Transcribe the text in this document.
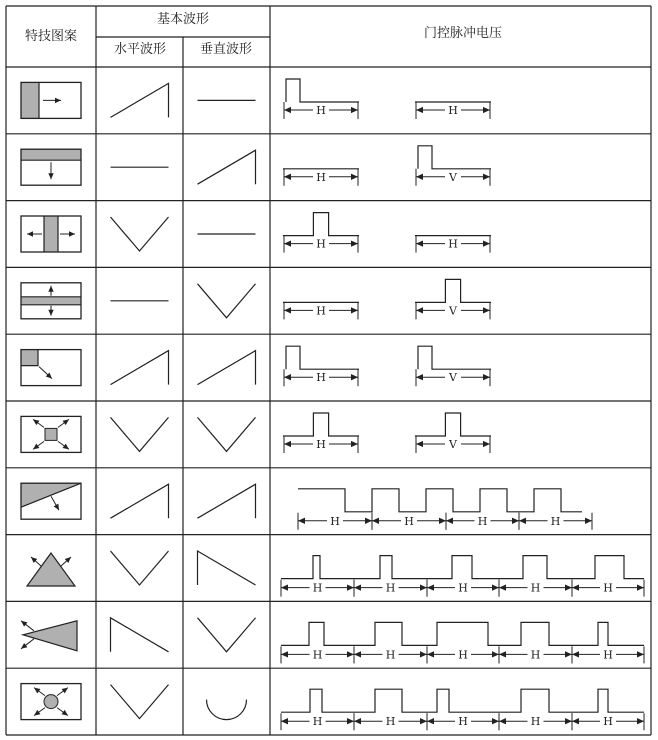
特技图案
基本波形
水平波形	垂直波形
门控脉冲电压
H	H
H	V
H	H
H	V
H	V
H	V
H	H	H	H
H	H	H	H	H
H	H	H	H	H
H	H	H	H	H
